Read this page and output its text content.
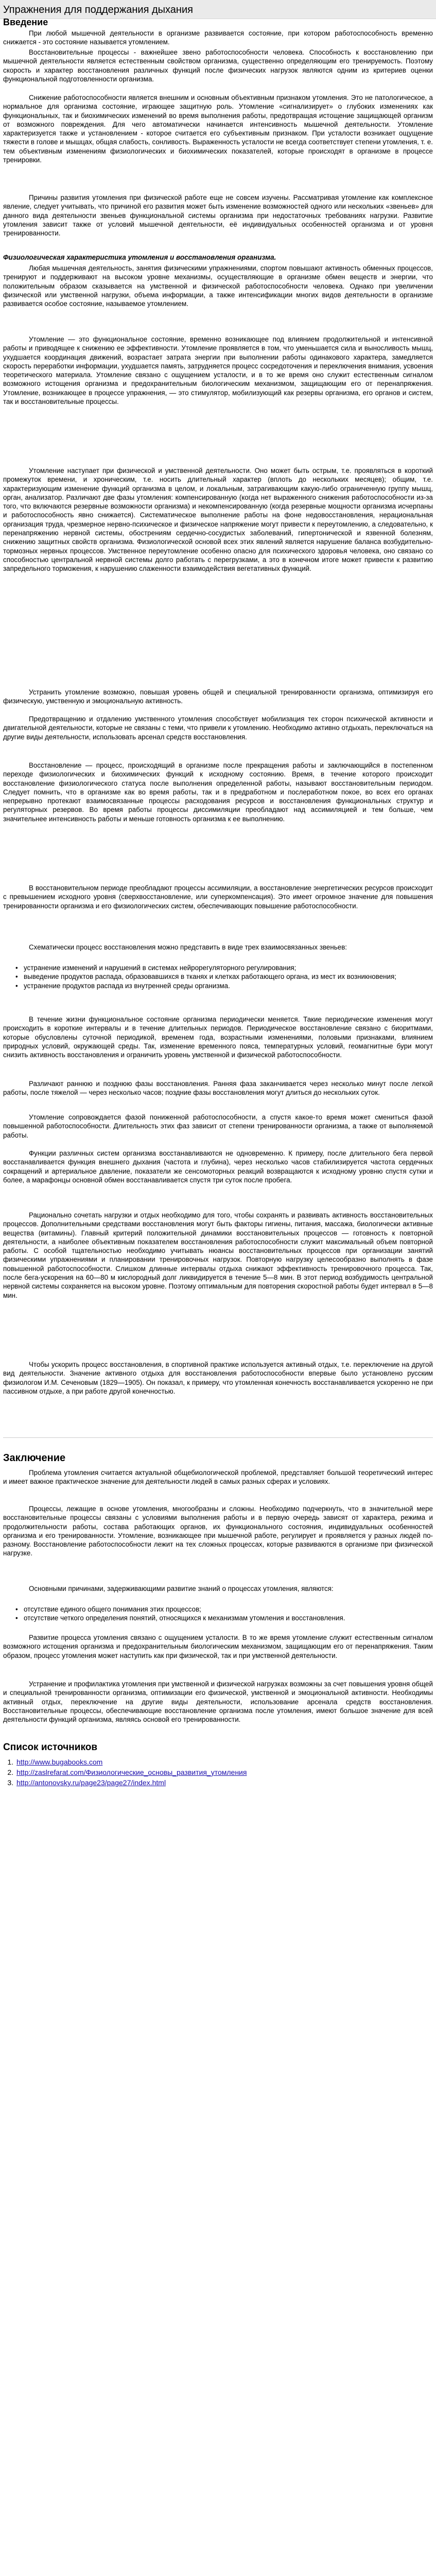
Упражнения для поддержания дыхания
Введение

При любой мышечной деятельности в организме развивается состояние, при котором работоспособность временно снижается - это состояние называется утомлением.

Восстановительные процессы - важнейшее звено работоспособности человека. Способность к восстановлению при мышечной деятельности является естественным свойством организма, существенно определяющим его тренируемость. Поэтому скорость и характер восстановления различных функций после физических нагрузок являются одним из критериев оценки функциональной подготовленности организма.

Снижение работоспособности является внешним и основным объективным признаком утомления. Это не патологическое, а нормальное для организма состояние, играющее защитную роль. Утомление «сигнализирует» о глубоких изменениях как функциональных, так и биохимических изменений во время выполнения работы, предотвращая истощение защищающей организм от возможного повреждения. Для чего автоматически начинается интенсивность мышечной деятельности. Утомление характеризуется также и установлением - которое считается его субъективным признаком. При усталости возникает ощущение тяжести в голове и мышцах, общая слабость, сонливость. Выраженность усталости не всегда соответствует степени утомления, т. е. тем объективным изменениям физиологических и биохимических показателей, которые происходят в организме в процессе тренировки.

Причины развития утомления при физической работе еще не совсем изучены. Рассматривая утомление как комплексное явление, следует учитывать, что причиной его развития может быть изменение возможностей одного или нескольких «звеньев» для данного вида деятельности звеньев функциональной системы организма при недостаточных требованиях нагрузки. Развитие утомления зависит также от условий мышечной деятельности, её индивидуальных особенностей организма и от уровня тренированности.

Физиологическая характеристика утомления и восстановления организма.

Любая мышечная деятельность, занятия физическими упражнениями, спортом повышают активность обменных процессов, тренируют и поддерживают на высоком уровне механизмы, осуществляющие в организме обмен веществ и энергии, что положительным образом сказывается на умственной и физической работоспособности человека. Однако при увеличении физической или умственной нагрузки, объема информации, а также интенсификации многих видов деятельности в организме развивается особое состояние, называемое утомлением.

Утомление — это функциональное состояние, временно возникающее под влиянием продолжительной и интенсивной работы и приводящее к снижению ее эффективности. Утомление проявляется в том, что уменьшается сила и выносливость мышц, ухудшается координация движений, возрастает затрата энергии при выполнении работы одинакового характера, замедляется скорость переработки информации, ухудшается память, затрудняется процесс сосредоточения и переключения внимания, усвоения теоретического материала. Утомление связано с ощущением усталости, и в то же время оно служит естественным сигналом возможного истощения организма и предохранительным биологическим механизмом, защищающим его от перенапряжения. Утомление, возникающее в процессе упражнения, — это стимулятор, мобилизующий как резервы организма, его органов и систем, так и восстановительные процессы.

Утомление наступает при физической и умственной деятельности. Оно может быть острым, т.е. проявляться в короткий промежуток времени, и хроническим, т.е. носить длительный характер (вплоть до нескольких месяцев); общим, т.е. характеризующим изменение функций организма в целом, и локальным, затрагивающим какую-либо ограниченную группу мышц, орган, анализатор. Различают две фазы утомления: компенсированную (когда нет выраженного снижения работоспособности из-за того, что включаются резервные возможности организма) и некомпенсированную (когда резервные мощности организма исчерпаны и работоспособность явно снижается). Систематическое выполнение работы на фоне недовосстановления, нерациональная организация труда, чрезмерное нервно-психическое и физическое напряжение могут привести к переутомлению, а следовательно, к перенапряжению нервной системы, обострениям сердечно-сосудистых заболеваний, гипертонической и язвенной болезням, снижению защитных свойств организма. Физиологической основой всех этих явлений является нарушение баланса возбудительно-тормозных нервных процессов. Умственное переутомление особенно опасно для психического здоровья человека, оно связано со способностью центральной нервной системы долго работать с перегрузками, а это в конечном итоге может привести к развитию запредельного торможения, к нарушению слаженности взаимодействия вегетативных функций.

Устранить утомление возможно, повышая уровень общей и специальной тренированности организма, оптимизируя его физическую, умственную и эмоциональную активность.

Предотвращению и отдалению умственного утомления способствует мобилизация тех сторон психической активности и двигательной деятельности, которые не связаны с теми, что привели к утомлению. Необходимо активно отдыхать, переключаться на другие виды деятельности, использовать арсенал средств восстановления.

Восстановление — процесс, происходящий в организме после прекращения работы и заключающийся в постепенном переходе физиологических и биохимических функций к исходному состоянию. Время, в течение которого происходит восстановление физиологического статуса после выполнения определенной работы, называют восстановительным периодом. Следует помнить, что в организме как во время работы, так и в предработном и послеработном покое, во всех его органах непрерывно протекают взаимосвязанные процессы расходования ресурсов и восстановления функциональных структур и регуляторных резервов. Во время работы процессы диссимиляции преобладают над ассимиляцией и тем больше, чем значительнее интенсивность работы и меньше готовность организма к ее выполнению.

В восстановительном периоде преобладают процессы ассимиляции, а восстановление энергетических ресурсов происходит с превышением исходного уровня (сверхвосстановление, или суперкомпенсация). Это имеет огромное значение для повышения тренированности организма и его физиологических систем, обеспечивающих повышение работоспособности.

Схематически процесс восстановления можно представить в виде трех взаимосвязанных звеньев:

• устранение изменений и нарушений в системах нейрорегуляторного регулирования;
• выведение продуктов распада, образовавшихся в тканях и клетках работающего органа, из мест их возникновения;
• устранение продуктов распада из внутренней среды организма.

В течение жизни функциональное состояние организма периодически меняется. Такие периодические изменения могут происходить в короткие интервалы и в течение длительных периодов. Периодическое восстановление связано с биоритмами, которые обусловлены суточной периодикой, временем года, возрастными изменениями, половыми признаками, влиянием природных условий, окружающей среды. Так, изменение временного пояса, температурных условий, геомагнитные бури могут снизить активность восстановления и ограничить уровень умственной и физической работоспособности.

Различают раннюю и позднюю фазы восстановления. Ранняя фаза заканчивается через несколько минут после легкой работы, после тяжелой — через несколько часов; поздние фазы восстановления могут длиться до нескольких суток.

Утомление сопровождается фазой пониженной работоспособности, а спустя какое-то время может смениться фазой повышенной работоспособности. Длительность этих фаз зависит от степени тренированности организма, а также от выполняемой работы.

Функции различных систем организма восстанавливаются не одновременно. К примеру, после длительного бега первой восстанавливается функция внешнего дыхания (частота и глубина), через несколько часов стабилизируется частота сердечных сокращений и артериальное давление, показатели же сенсомоторных реакций возвращаются к исходному уровню спустя сутки и более, а марафонцы основной обмен восстанавливается спустя три суток после пробега.

Рационально сочетать нагрузки и отдых необходимо для того, чтобы сохранять и развивать активность восстановительных процессов. Дополнительными средствами восстановления могут быть факторы гигиены, питания, массажа, биологически активные вещества (витамины). Главный критерий положительной динамики восстановительных процессов — готовность к повторной деятельности, а наиболее объективным показателем восстановления работоспособности служит максимальный объем повторной работы. С особой тщательностью необходимо учитывать нюансы восстановительных процессов при организации занятий физическими упражнениями и планировании тренировочных нагрузок. Повторную нагрузку целесообразно выполнять в фазе повышенной работоспособности. Слишком длинные интервалы отдыха снижают эффективность тренировочного процесса. Так, после бега-ускорения на 60—80 м кислородный долг ликвидируется в течение 5—8 мин. В этот период возбудимость центральной нервной системы сохраняется на высоком уровне. Поэтому оптимальным для повторения скоростной работы будет интервал в 5—8 мин.

Чтобы ускорить процесс восстановления, в спортивной практике используется активный отдых, т.е. переключение на другой вид деятельности. Значение активного отдыха для восстановления работоспособности впервые было установлено русским физиологом И.М. Сеченовым (1829—1905). Он показал, к примеру, что утомленная конечность восстанавливается ускоренно не при пассивном отдыхе, а при работе другой конечностью.

Заключение

Проблема утомления считается актуальной общебиологической проблемой, представляет большой теоретический интерес и имеет важное практическое значение для деятельности людей в самых разных сферах и условиях.

Процессы, лежащие в основе утомления, многообразны и сложны. Необходимо подчеркнуть, что в значительной мере восстановительные процессы связаны с условиями выполнения работы и в первую очередь зависят от характера, режима и продолжительности работы, состава работающих органов, их функционального состояния, индивидуальных особенностей организма и его тренированности. Утомление, возникающее при мышечной работе, регулирует и проявляется у разных людей по-разному. Восстановление работоспособности лежит на тех сложных процессах, которые развиваются в организме при физической нагрузке.

Основными причинами, задерживающими развитие знаний о процессах утомления, являются:

• отсутствие единого общего понимания этих процессов;
• отсутствие четкого определения понятий, относящихся к механизмам утомления и восстановления.

Развитие процесса утомления связано с ощущением усталости. В то же время утомление служит естественным сигналом возможного истощения организма и предохранительным биологическим механизмом, защищающим его от перенапряжения. Таким образом, процесс утомления может наступить как при физической, так и при умственной деятельности.

Устранение и профилактика утомления при умственной и физической нагрузках возможны за счет повышения уровня общей и специальной тренированности организма, оптимизации его физической, умственной и эмоциональной активности. Необходимы активный отдых, переключение на другие виды деятельности, использование арсенала средств восстановления. Восстановительные процессы, обеспечивающие восстановление организма после утомления, имеют большое значение для всей деятельности функций организма, являясь основой его тренированности.

Список источников
1. http://www.bugabooks.com
2. http://zaslrefarat.com/Физиологические_основы_развития_утомления
3. http://antonovsky.ru/page23/page27/index.html
